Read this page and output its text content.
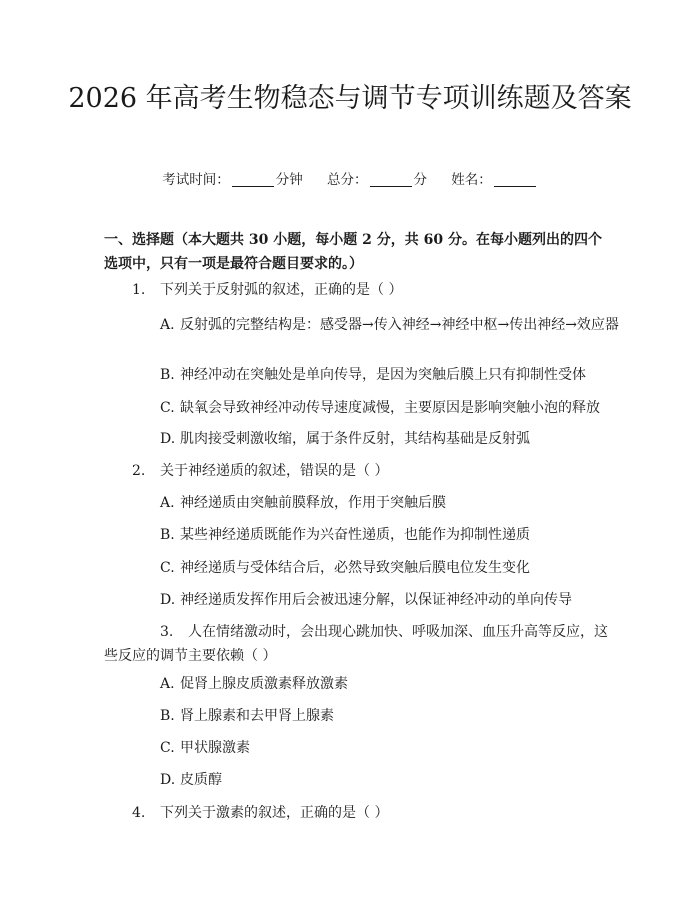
2026 年高考生物稳态与调节专项训练题及答案
考试时间：	分钟 总分：	分 姓名：
一、选择题（本大题共 30 小题，每小题 2 分，共 60 分。在每小题列出的四个选项中，只有一项是最符合题目要求的。）
1. 下列关于反射弧的叙述，正确的是（ ）
A. 反射弧的完整结构是：感受器→传入神经→神经中枢→传出神经→效应器
B. 神经冲动在突触处是单向传导，是因为突触后膜上只有抑制性受体
C. 缺氧会导致神经冲动传导速度减慢，主要原因是影响突触小泡的释放
D. 肌肉接受刺激收缩，属于条件反射，其结构基础是反射弧
2. 关于神经递质的叙述，错误的是（ ）
A. 神经递质由突触前膜释放，作用于突触后膜
B. 某些神经递质既能作为兴奋性递质，也能作为抑制性递质
C. 神经递质与受体结合后，必然导致突触后膜电位发生变化
D. 神经递质发挥作用后会被迅速分解，以保证神经冲动的单向传导
3. 人在情绪激动时，会出现心跳加快、呼吸加深、血压升高等反应，这些反应的调节主要依赖（ ）
A. 促肾上腺皮质激素释放激素
B. 肾上腺素和去甲肾上腺素
C. 甲状腺激素
D. 皮质醇
4. 下列关于激素的叙述，正确的是（ ）
